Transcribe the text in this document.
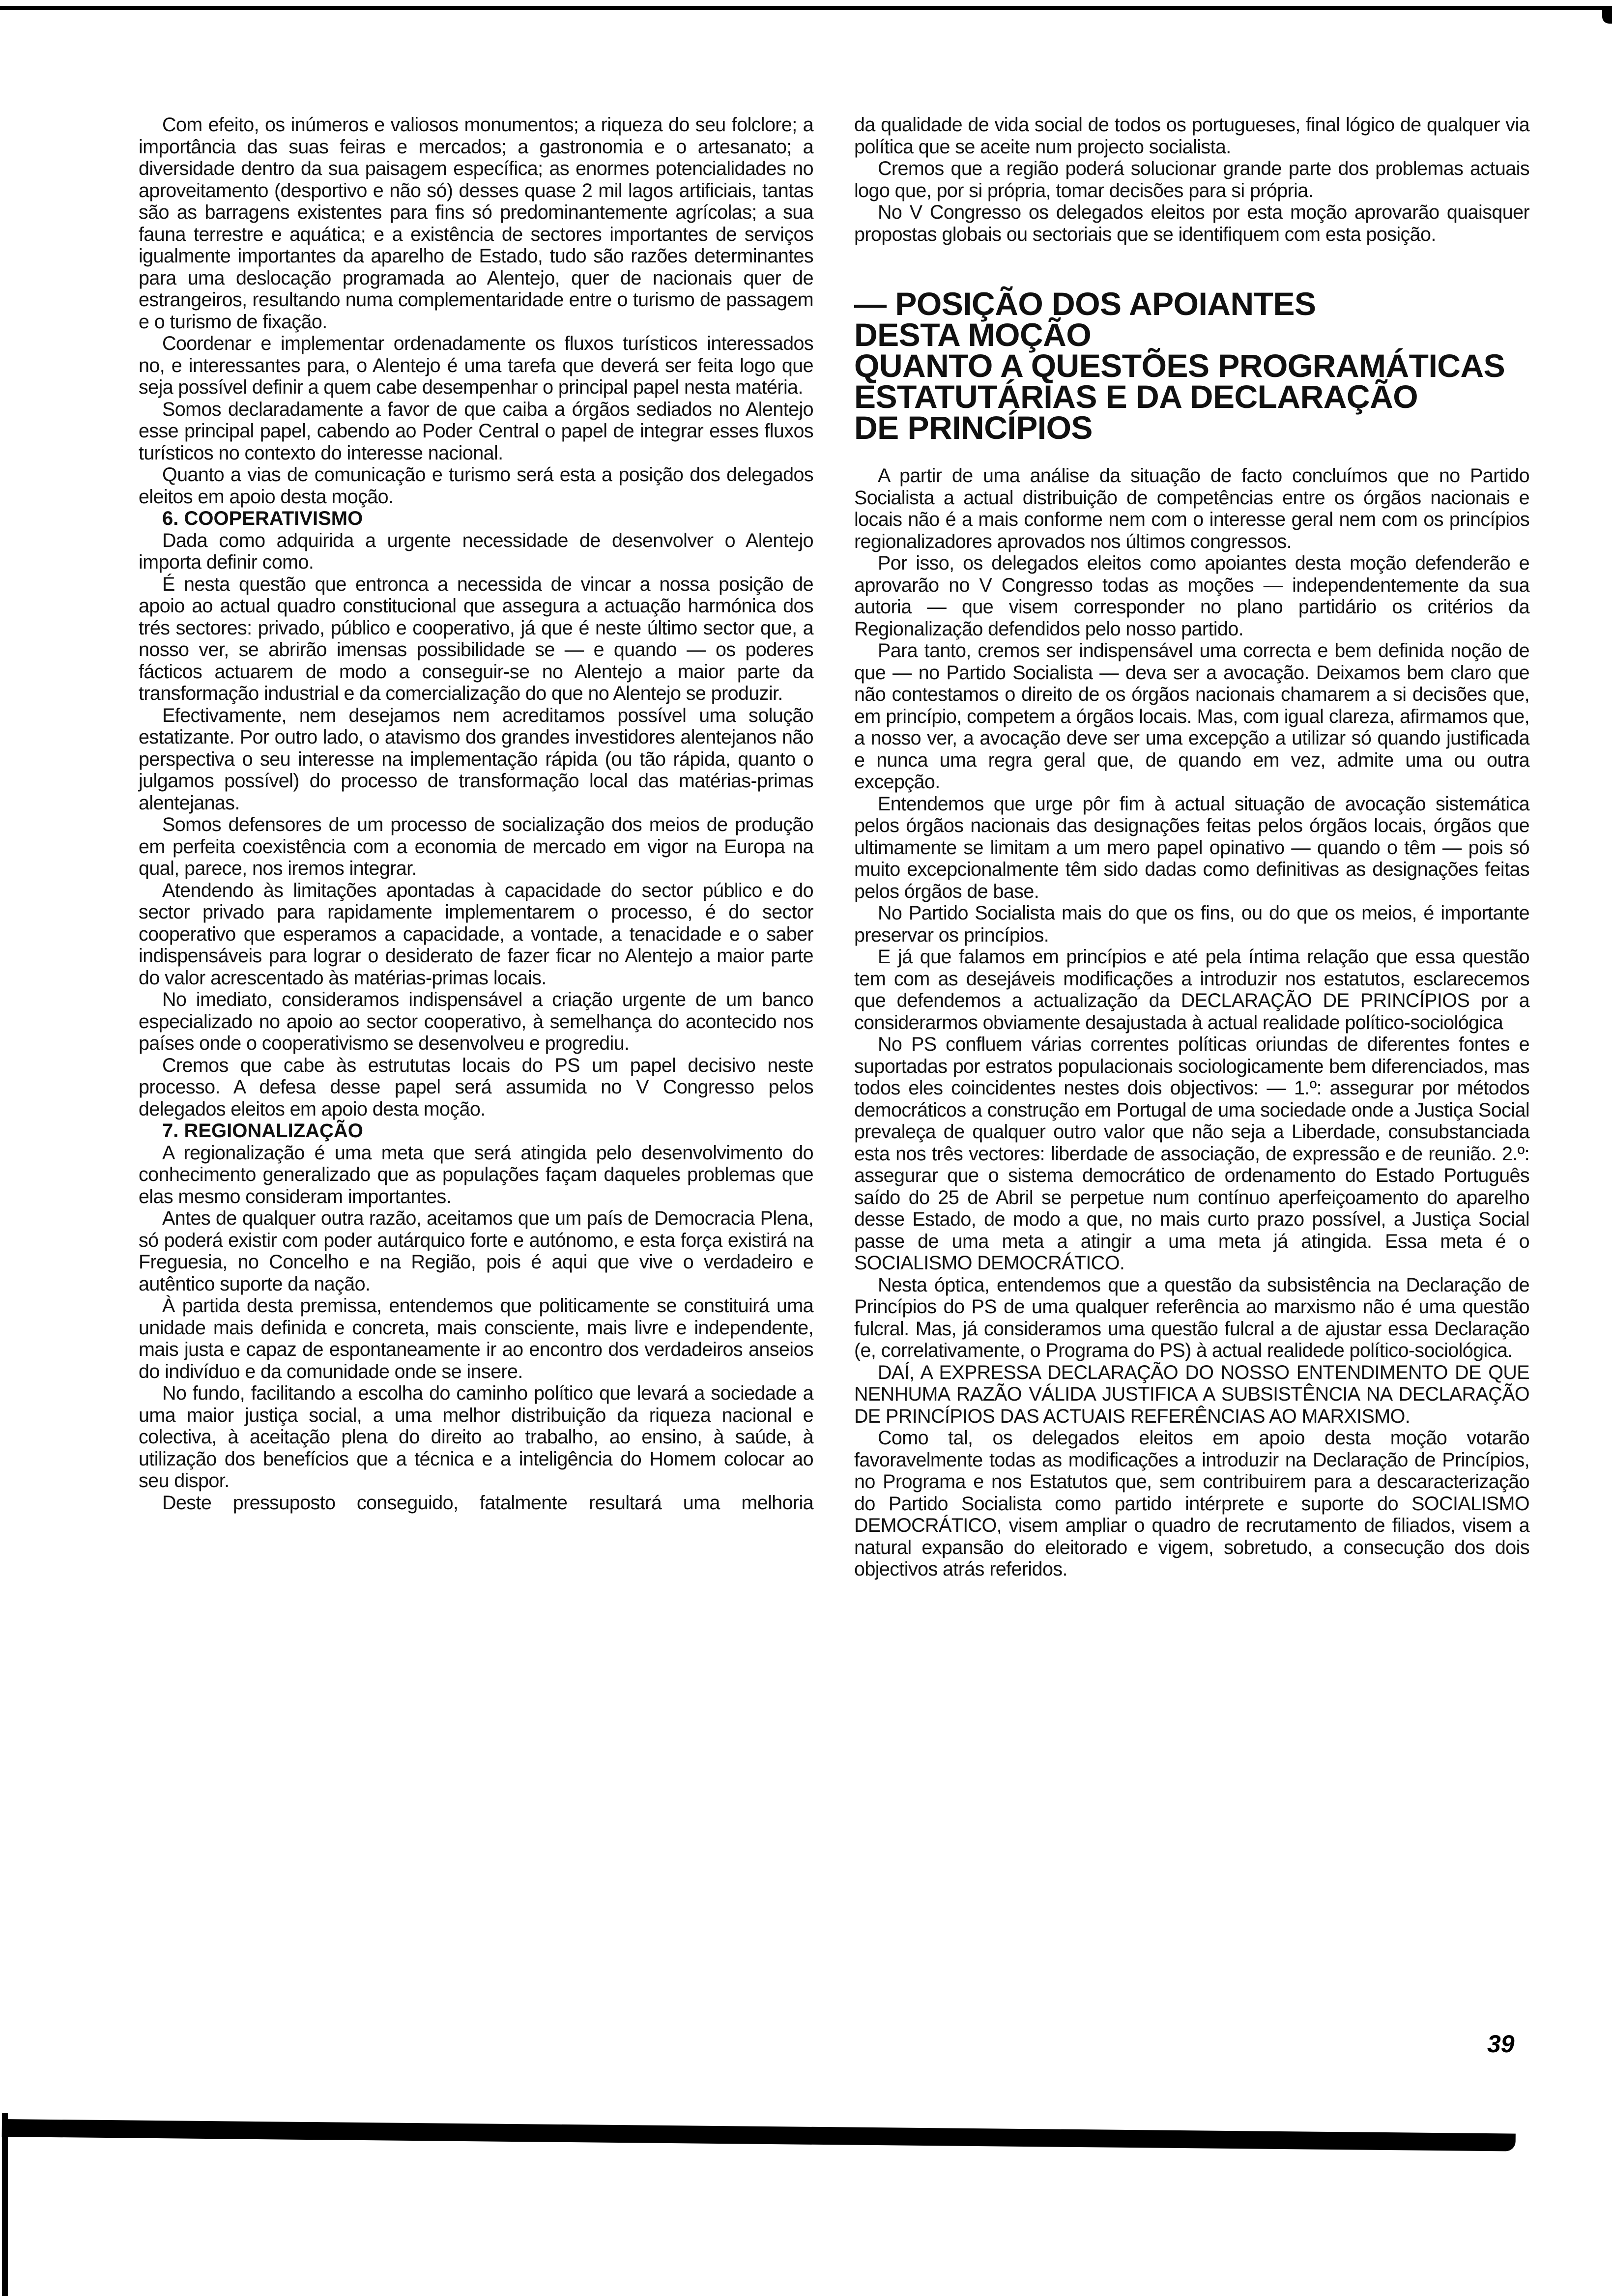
Com efeito, os inúmeros e valiosos monumentos; a riqueza do seu folclore; a importância das suas feiras e mercados; a gastronomia e o artesanato; a diversidade dentro da sua paisagem específica; as enormes potencialidades no aproveitamento (desportivo e não só) desses quase 2 mil lagos artificiais, tantas são as barragens existentes para fins só predominantemente agrícolas; a sua fauna terrestre e aquática; e a existência de sectores importantes de serviços igualmente importantes da aparelho de Estado, tudo são razões determinantes para uma deslocação programada ao Alentejo, quer de nacionais quer de estrangeiros, resultando numa complementaridade entre o turismo de passagem e o turismo de fixação.

Coordenar e implementar ordenadamente os fluxos turísticos interessados no, e interessantes para, o Alentejo é uma tarefa que deverá ser feita logo que seja possível definir a quem cabe desempenhar o principal papel nesta matéria.

Somos declaradamente a favor de que caiba a órgãos sediados no Alentejo esse principal papel, cabendo ao Poder Central o papel de integrar esses fluxos turísticos no contexto do interesse nacional.

Quanto a vias de comunicação e turismo será esta a posição dos delegados eleitos em apoio desta moção.

6. COOPERATIVISMO

Dada como adquirida a urgente necessidade de desenvolver o Alentejo importa definir como.

É nesta questão que entronca a necessida de vincar a nossa posição de apoio ao actual quadro constitucional que assegura a actuação harmónica dos trés sectores: privado, público e cooperativo, já que é neste último sector que, a nosso ver, se abrirão imensas possibilidade se — e quando — os poderes fácticos actuarem de modo a conseguir-se no Alentejo a maior parte da transformação industrial e da comercialização do que no Alentejo se produzir.

Efectivamente, nem desejamos nem acreditamos possível uma solução estatizante. Por outro lado, o atavismo dos grandes investidores alentejanos não perspectiva o seu interesse na implementação rápida (ou tão rápida, quanto o julgamos possível) do processo de transformação local das matérias-primas alentejanas.

Somos defensores de um processo de socialização dos meios de produção em perfeita coexistência com a economia de mercado em vigor na Europa na qual, parece, nos iremos integrar.

Atendendo às limitações apontadas à capacidade do sector público e do sector privado para rapidamente implementarem o processo, é do sector cooperativo que esperamos a capacidade, a vontade, a tenacidade e o saber indispensáveis para lograr o desiderato de fazer ficar no Alentejo a maior parte do valor acrescentado às matérias-primas locais.

No imediato, consideramos indispensável a criação urgente de um banco especializado no apoio ao sector cooperativo, à semelhança do acontecido nos países onde o cooperativismo se desenvolveu e progrediu.

Cremos que cabe às estrututas locais do PS um papel decisivo neste processo. A defesa desse papel será assumida no V Congresso pelos delegados eleitos em apoio desta moção.

7. REGIONALIZAÇÃO

A regionalização é uma meta que será atingida pelo desenvolvimento do conhecimento generalizado que as populações façam daqueles problemas que elas mesmo consideram importantes.

Antes de qualquer outra razão, aceitamos que um país de Democracia Plena, só poderá existir com poder autárquico forte e autónomo, e esta força existirá na Freguesia, no Concelho e na Região, pois é aqui que vive o verdadeiro e autêntico suporte da nação.

À partida desta premissa, entendemos que politicamente se constituirá uma unidade mais definida e concreta, mais consciente, mais livre e independente, mais justa e capaz de espontaneamente ir ao encontro dos verdadeiros anseios do indivíduo e da comunidade onde se insere.

No fundo, facilitando a escolha do caminho político que levará a sociedade a uma maior justiça social, a uma melhor distribuição da riqueza nacional e colectiva, à aceitação plena do direito ao trabalho, ao ensino, à saúde, à utilização dos benefícios que a técnica e a inteligência do Homem colocar ao seu dispor.

Deste pressuposto conseguido, fatalmente resultará uma melhoria

da qualidade de vida social de todos os portugueses, final lógico de qualquer via política que se aceite num projecto socialista.

Cremos que a região poderá solucionar grande parte dos problemas actuais logo que, por si própria, tomar decisões para si própria.

No V Congresso os delegados eleitos por esta moção aprovarão quaisquer propostas globais ou sectoriais que se identifiquem com esta posição.

— POSIÇÃO DOS APOIANTES
DESTA MOÇÃO
QUANTO A QUESTÕES PROGRAMÁTICAS
ESTATUTÁRIAS E DA DECLARAÇÃO
DE PRINCÍPIOS

A partir de uma análise da situação de facto concluímos que no Partido Socialista a actual distribuição de competências entre os órgãos nacionais e locais não é a mais conforme nem com o interesse geral nem com os princípios regionalizadores aprovados nos últimos congressos.

Por isso, os delegados eleitos como apoiantes desta moção defenderão e aprovarão no V Congresso todas as moções — independentemente da sua autoria — que visem corresponder no plano partidário os critérios da Regionalização defendidos pelo nosso partido.

Para tanto, cremos ser indispensável uma correcta e bem definida noção de que — no Partido Socialista — deva ser a avocação. Deixamos bem claro que não contestamos o direito de os órgãos nacionais chamarem a si decisões que, em princípio, competem a órgãos locais. Mas, com igual clareza, afirmamos que, a nosso ver, a avocação deve ser uma excepção a utilizar só quando justificada e nunca uma regra geral que, de quando em vez, admite uma ou outra excepção.

Entendemos que urge pôr fim à actual situação de avocação sistemática pelos órgãos nacionais das designações feitas pelos órgãos locais, órgãos que ultimamente se limitam a um mero papel opinativo — quando o têm — pois só muito excepcionalmente têm sido dadas como definitivas as designações feitas pelos órgãos de base.

No Partido Socialista mais do que os fins, ou do que os meios, é importante preservar os princípios.

E já que falamos em princípios e até pela íntima relação que essa questão tem com as desejáveis modificações a introduzir nos estatutos, esclarecemos que defendemos a actualização da DECLARAÇÃO DE PRINCÍPIOS por a considerarmos obviamente desajustada à actual realidade político-sociológica

No PS confluem várias correntes políticas oriundas de diferentes fontes e suportadas por estratos populacionais sociologicamente bem diferenciados, mas todos eles coincidentes nestes dois objectivos: — 1.º: assegurar por métodos democráticos a construção em Portugal de uma sociedade onde a Justiça Social prevaleça de qualquer outro valor que não seja a Liberdade, consubstanciada esta nos três vectores: liberdade de associação, de expressão e de reunião. 2.º: assegurar que o sistema democrático de ordenamento do Estado Português saído do 25 de Abril se perpetue num contínuo aperfeiçoamento do aparelho desse Estado, de modo a que, no mais curto prazo possível, a Justiça Social passe de uma meta a atingir a uma meta já atingida. Essa meta é o SOCIALISMO DEMOCRÁTICO.

Nesta óptica, entendemos que a questão da subsistência na Declaração de Princípios do PS de uma qualquer referência ao marxismo não é uma questão fulcral. Mas, já consideramos uma questão fulcral a de ajustar essa Declaração (e, correlativamente, o Programa do PS) à actual realidede político-sociológica.

DAÍ, A EXPRESSA DECLARAÇÃO DO NOSSO ENTENDIMENTO DE QUE NENHUMA RAZÃO VÁLIDA JUSTIFICA A SUBSISTÊNCIA NA DECLARAÇÃO DE PRINCÍPIOS DAS ACTUAIS REFERÊNCIAS AO MARXISMO.

Como tal, os delegados eleitos em apoio desta moção votarão favoravelmente todas as modificações a introduzir na Declaração de Princípios, no Programa e nos Estatutos que, sem contribuirem para a descaracterização do Partido Socialista como partido intérprete e suporte do SOCIALISMO DEMOCRÁTICO, visem ampliar o quadro de recrutamento de filiados, visem a natural expansão do eleitorado e vigem, sobretudo, a consecução dos dois objectivos atrás referidos.

39
